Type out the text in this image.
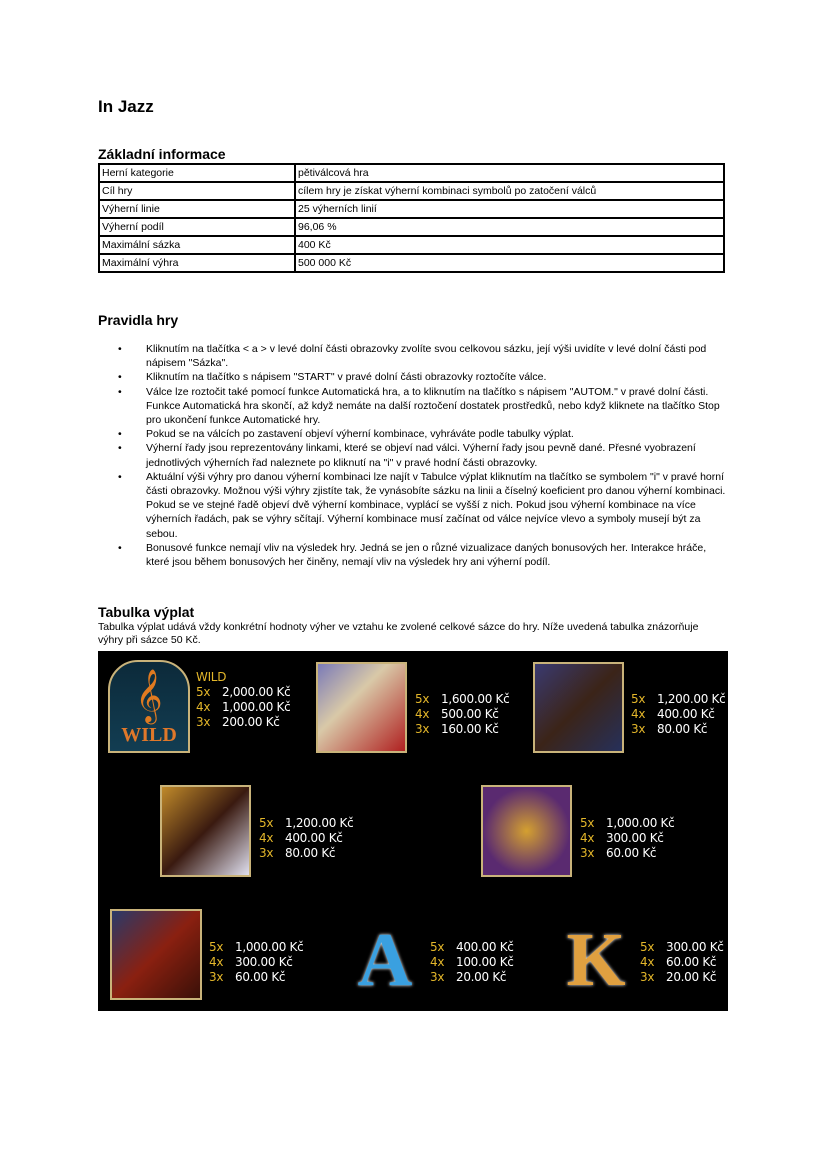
In Jazz
Základní informace
Herní kategorie	pětiválcová hra
Cíl hry	cílem hry je získat výherní kombinaci symbolů po zatočení válců
Výherní linie	25 výherních linií
Výherní podíl	96,06 %
Maximální sázka	400 Kč
Maximální výhra	500 000 Kč
Pravidla hry
•	Kliknutím na tlačítka < a > v levé dolní části obrazovky zvolíte svou celkovou sázku, její výši uvidíte v levé dolní části pod nápisem "Sázka".
•	Kliknutím na tlačítko s nápisem "START" v pravé dolní části obrazovky roztočíte válce.
•	Válce lze roztočit také pomocí funkce Automatická hra, a to kliknutím na tlačítko s nápisem "AUTOM." v pravé dolní části. Funkce Automatická hra skončí, až když nemáte na další roztočení dostatek prostředků, nebo když kliknete na tlačítko Stop pro ukončení funkce Automatické hry.
•	Pokud se na válcích po zastavení objeví výherní kombinace, vyhráváte podle tabulky výplat.
•	Výherní řady jsou reprezentovány linkami, které se objeví nad válci. Výherní řady jsou pevně dané. Přesné vyobrazení jednotlivých výherních řad naleznete po kliknutí na "i" v pravé hodní části obrazovky.
•	Aktuální výši výhry pro danou výherní kombinaci lze najít v Tabulce výplat kliknutím na tlačítko se symbolem "i" v pravé horní části obrazovky. Možnou výši výhry zjistíte tak, že vynásobíte sázku na linii a číselný koeficient pro danou výherní kombinaci. Pokud se ve stejné řadě objeví dvě výherní kombinace, vyplácí se vyšší z nich. Pokud jsou výherní kombinace na více výherních řadách, pak se výhry sčítají. Výherní kombinace musí začínat od válce nejvíce vlevo a symboly musejí být za sebou.
•	Bonusové funkce nemají vliv na výsledek hry. Jedná se jen o různé vizualizace daných bonusových her. Interakce hráče, které jsou během bonusových her činěny, nemají vliv na výsledek hry ani výherní podíl.
Tabulka výplat

Tabulka výplat udává vždy konkrétní hodnoty výher ve vztahu ke zvolené celkové sázce do hry. Níže uvedená tabulka znázorňuje výhry při sázce 50 Kč.

𝄞
WILD
WILD
5x 2,000.00 Kč
4x 1,000.00 Kč
3x 200.00 Kč
5x 1,600.00 Kč
4x 500.00 Kč
3x 160.00 Kč
5x 1,200.00 Kč
4x 400.00 Kč
3x 80.00 Kč
5x 1,200.00 Kč
4x 400.00 Kč
3x 80.00 Kč
5x 1,000.00 Kč
4x 300.00 Kč
3x 60.00 Kč
5x 1,000.00 Kč
4x 300.00 Kč
3x 60.00 Kč A 5x 400.00 Kč
4x 100.00 Kč
3x 20.00 Kč K 5x 300.00 Kč
4x 60.00 Kč
3x 20.00 Kč
